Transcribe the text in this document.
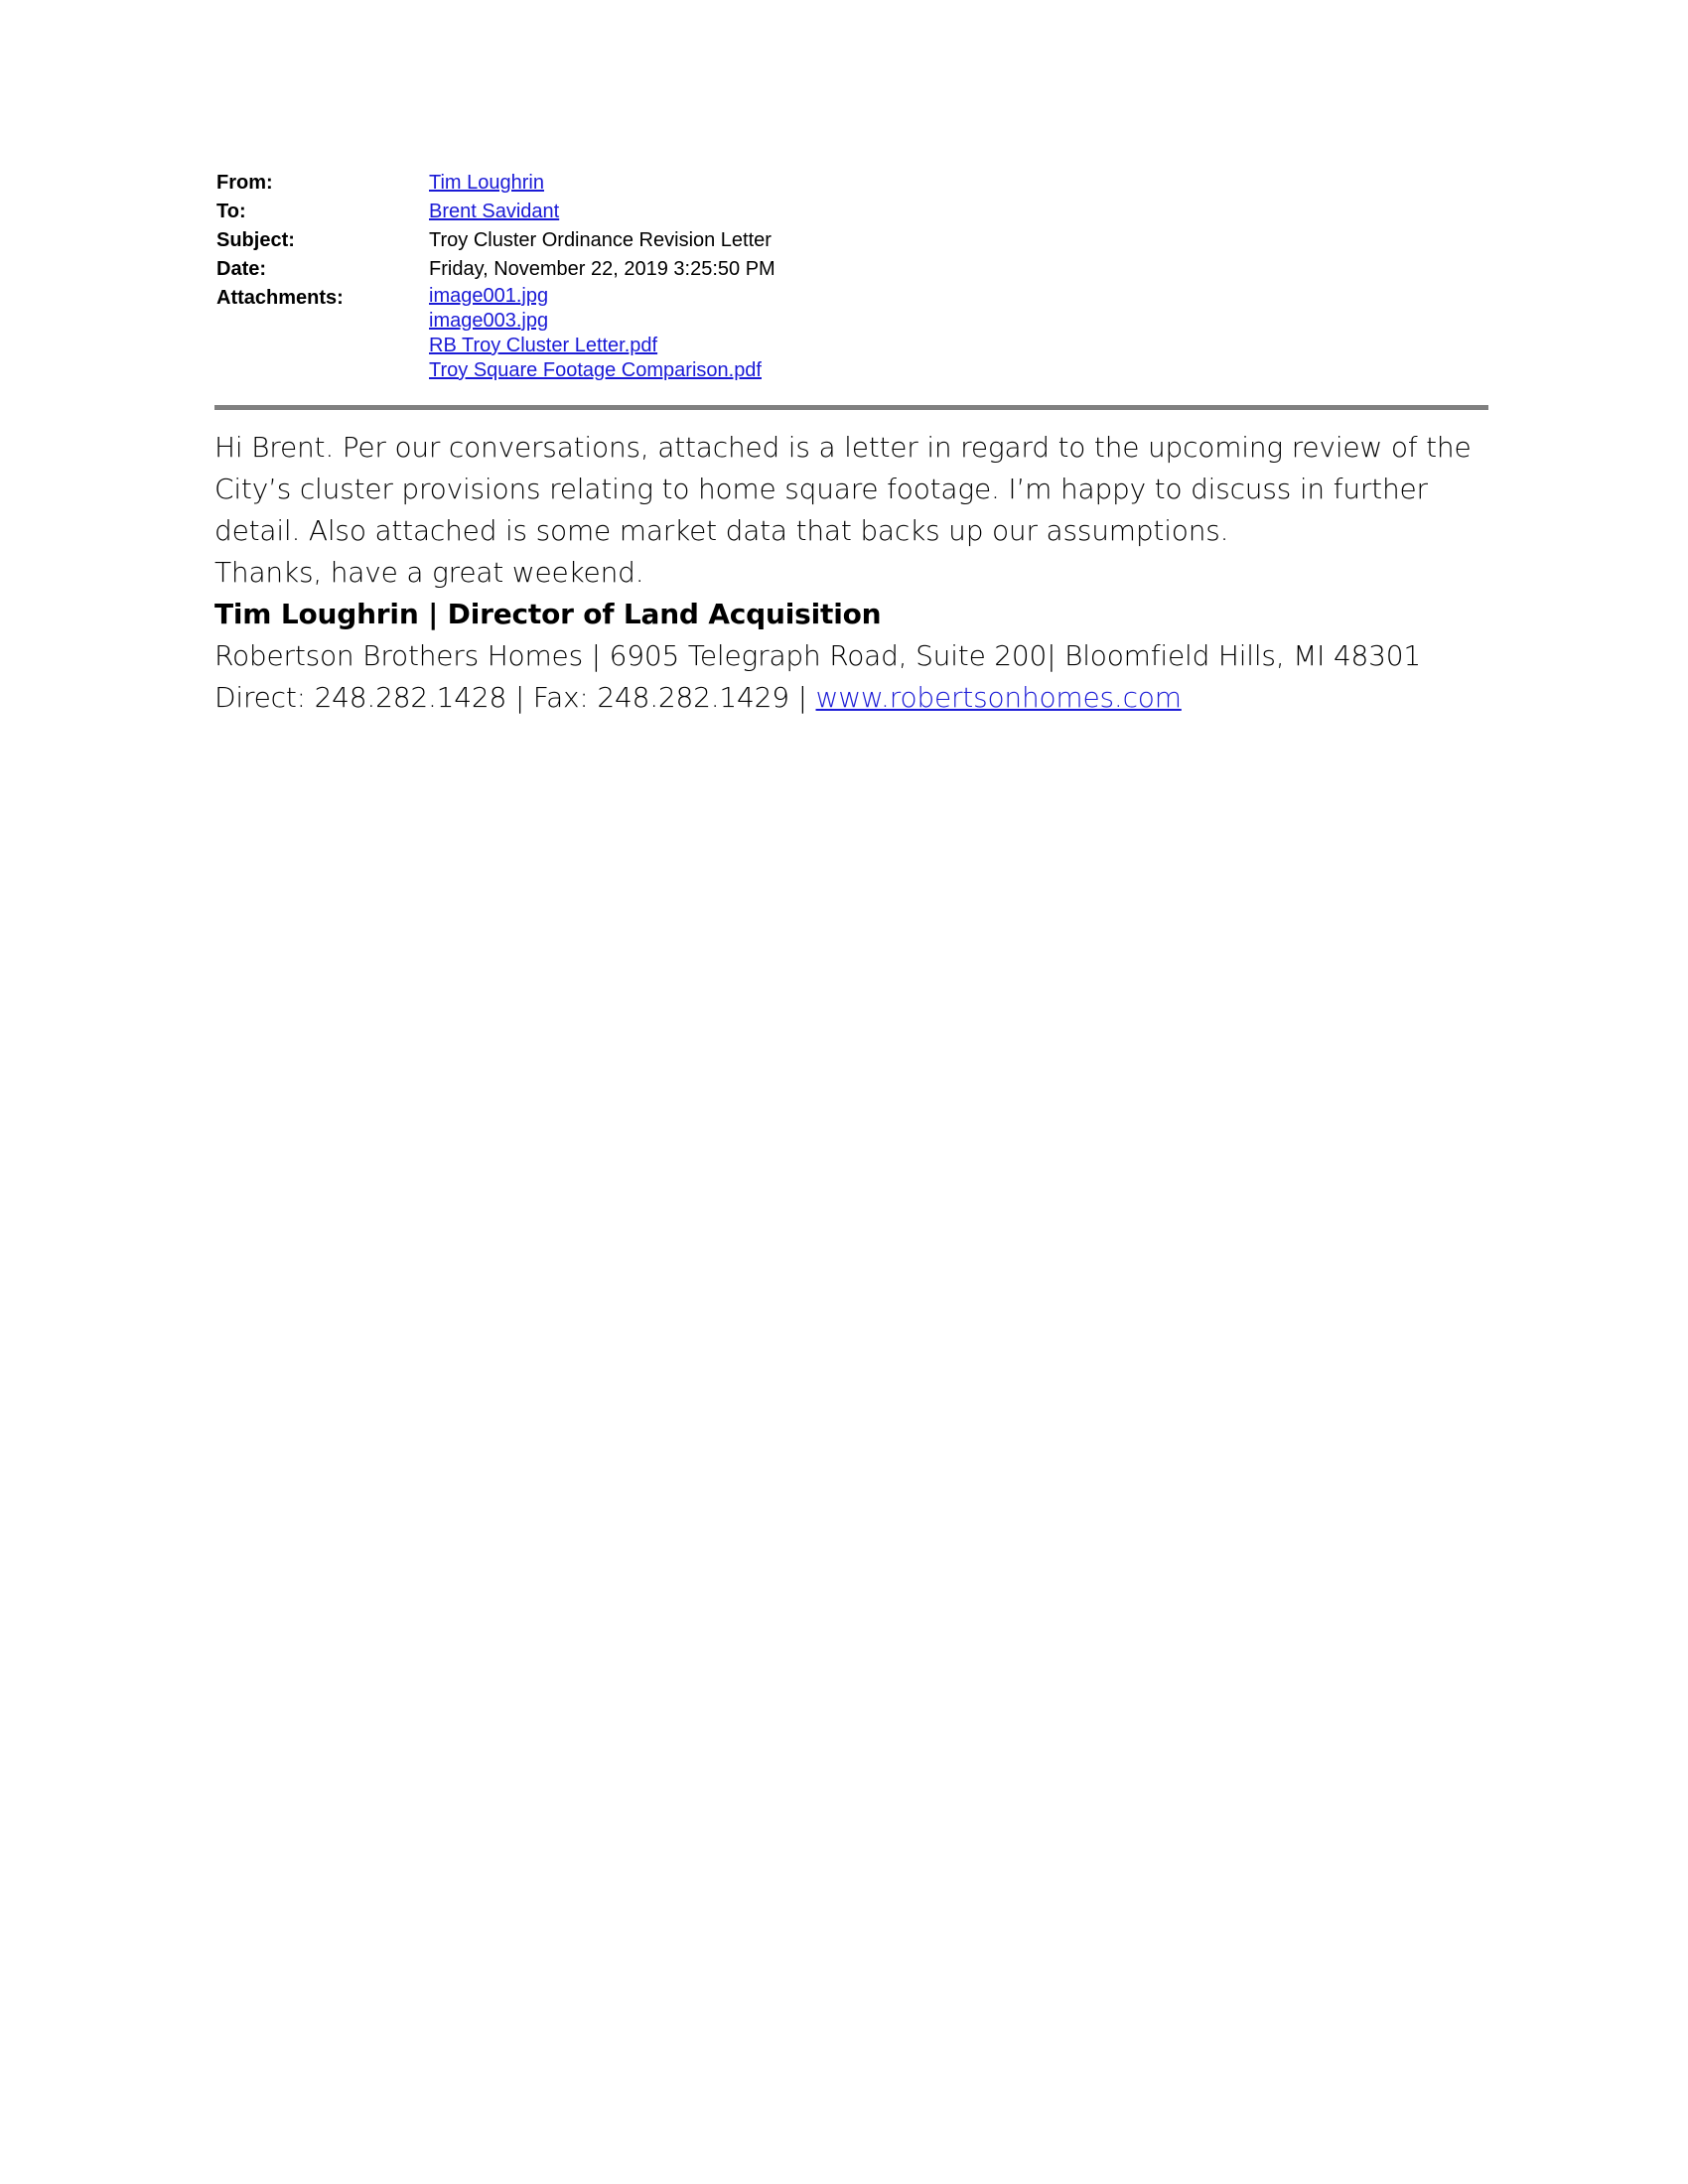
From:	Tim Loughrin
To:	Brent Savidant
Subject:	Troy Cluster Ordinance Revision Letter
Date:	Friday, November 22, 2019 3:25:50 PM
Attachments:	image001.jpg
image003.jpg
RB Troy Cluster Letter.pdf
Troy Square Footage Comparison.pdf

Hi Brent. Per our conversations, attached is a letter in regard to the upcoming review of the City’s cluster provisions relating to home square footage. I’m happy to discuss in further detail. Also attached is some market data that backs up our assumptions.

Thanks, have a great weekend.

Tim Loughrin | Director of Land Acquisition

Robertson Brothers Homes | 6905 Telegraph Road, Suite 200| Bloomfield Hills, MI 48301

Direct: 248.282.1428 | Fax: 248.282.1429 | www.robertsonhomes.com
